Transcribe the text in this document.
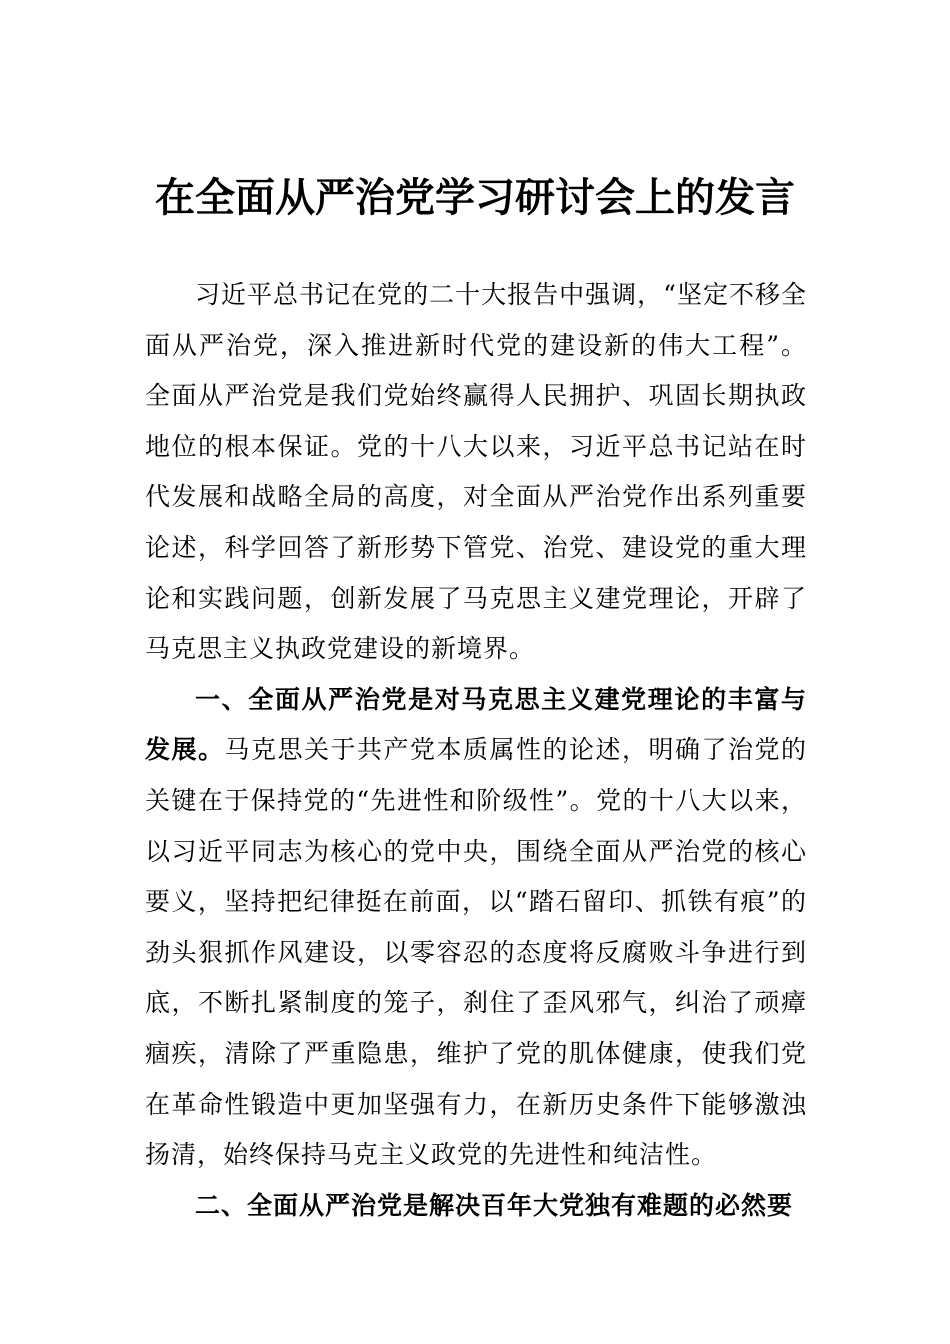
在全面从严治党学习研讨会上的发言

习近平总书记在党的二十大报告中强调，“坚定不移全面从严治党，深入推进新时代党的建设新的伟大工程”。全面从严治党是我们党始终赢得人民拥护、巩固长期执政地位的根本保证。党的十八大以来，习近平总书记站在时代发展和战略全局的高度，对全面从严治党作出系列重要论述，科学回答了新形势下管党、治党、建设党的重大理论和实践问题，创新发展了马克思主义建党理论，开辟了马克思主义执政党建设的新境界。

一、全面从严治党是对马克思主义建党理论的丰富与发展。马克思关于共产党本质属性的论述，明确了治党的关键在于保持党的“先进性和阶级性”。党的十八大以来，以习近平同志为核心的党中央，围绕全面从严治党的核心要义，坚持把纪律挺在前面，以“踏石留印、抓铁有痕”的劲头狠抓作风建设，以零容忍的态度将反腐败斗争进行到底，不断扎紧制度的笼子，刹住了歪风邪气，纠治了顽瘴痼疾，清除了严重隐患，维护了党的肌体健康，使我们党在革命性锻造中更加坚强有力，在新历史条件下能够激浊扬清，始终保持马克主义政党的先进性和纯洁性。

二、全面从严治党是解决百年大党独有难题的必然要
